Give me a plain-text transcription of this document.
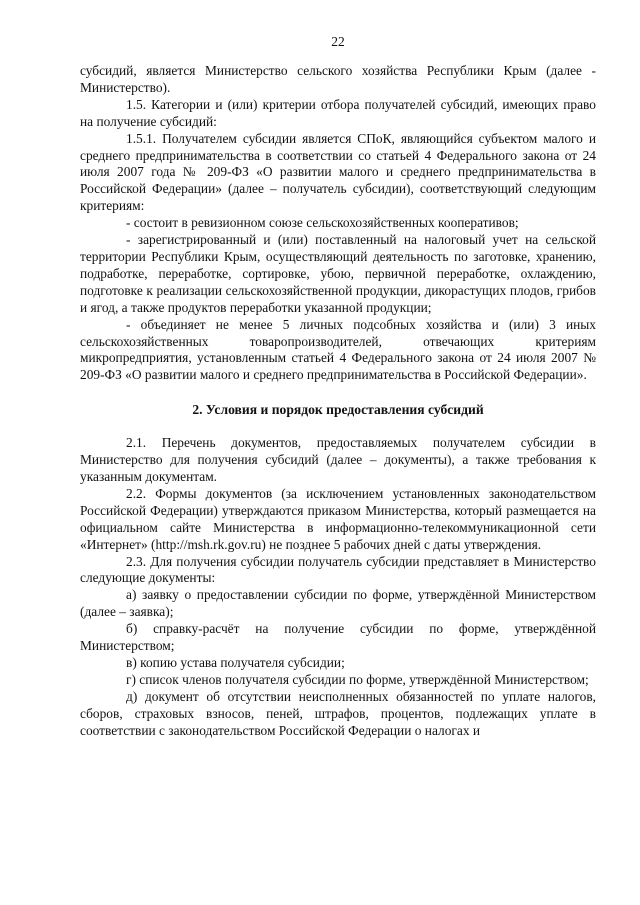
22

субсидий, является Министерство сельского хозяйства Республики Крым (далее - Министерство).

1.5. Категории и (или) критерии отбора получателей субсидий, имеющих право на получение субсидий:

1.5.1. Получателем субсидии является СПоК, являющийся субъектом малого и среднего предпринимательства в соответствии со статьей 4 Федерального закона от 24 июля 2007 года № 209-ФЗ «О развитии малого и среднего предпринимательства в Российской Федерации» (далее – получатель субсидии), соответствующий следующим критериям:

- состоит в ревизионном союзе сельскохозяйственных кооперативов;

- зарегистрированный и (или) поставленный на налоговый учет на сельской территории Республики Крым, осуществляющий деятельность по заготовке, хранению, подработке, переработке, сортировке, убою, первичной переработке, охлаждению, подготовке к реализации сельскохозяйственной продукции, дикорастущих плодов, грибов и ягод, а также продуктов переработки указанной продукции;

- объединяет не менее 5 личных подсобных хозяйства и (или) 3 иных сельскохозяйственных товаропроизводителей, отвечающих критериям микропредприятия, установленным статьей 4 Федерального закона от 24 июля 2007 № 209-ФЗ «О развитии малого и среднего предпринимательства в Российской Федерации».

2. Условия и порядок предоставления субсидий

2.1. Перечень документов, предоставляемых получателем субсидии в Министерство для получения субсидий (далее – документы), а также требования к указанным документам.

2.2. Формы документов (за исключением установленных законодательством Российской Федерации) утверждаются приказом Министерства, который размещается на официальном сайте Министерства в информационно-телекоммуникационной сети «Интернет» (http://msh.rk.gov.ru) не позднее 5 рабочих дней с даты утверждения.

2.3. Для получения субсидии получатель субсидии представляет в Министерство следующие документы:

а) заявку о предоставлении субсидии по форме, утверждённой Министерством (далее – заявка);

б) справку-расчёт на получение субсидии по форме, утверждённой Министерством;

в) копию устава получателя субсидии;

г) список членов получателя субсидии по форме, утверждённой Министерством;

д) документ об отсутствии неисполненных обязанностей по уплате налогов, сборов, страховых взносов, пеней, штрафов, процентов, подлежащих уплате в соответствии с законодательством Российской Федерации о налогах и
